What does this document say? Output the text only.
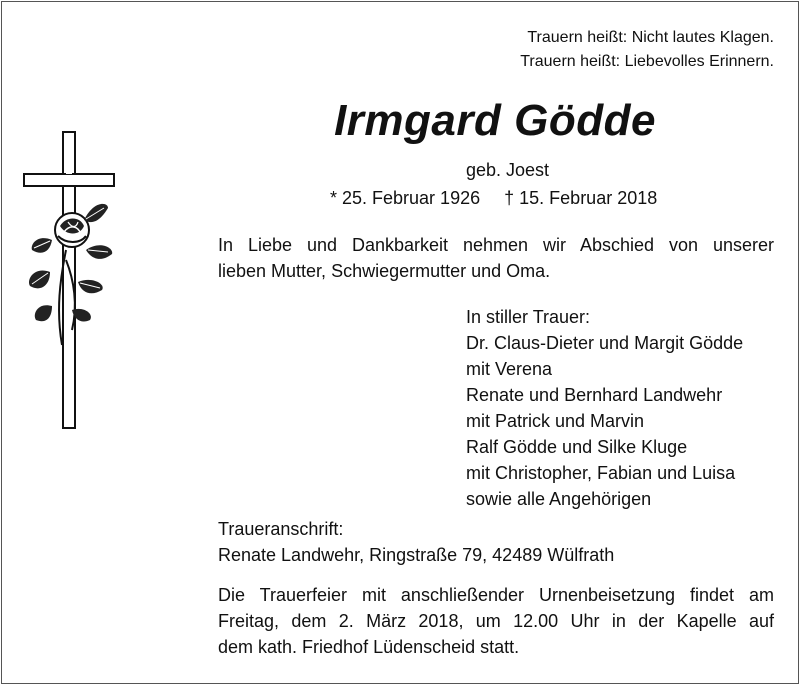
Trauern heißt: Nicht lautes Klagen.
Trauern heißt: Liebevolles Erinnern.
Irmgard Gödde
geb. Joest
* 25. Februar 1926 † 15. Februar 2018
In Liebe und Dankbarkeit nehmen wir Abschied von unserer
lieben Mutter, Schwiegermutter und Oma.
In stiller Trauer:
Dr. Claus-Dieter und Margit Gödde
mit Verena
Renate und Bernhard Landwehr
mit Patrick und Marvin
Ralf Gödde und Silke Kluge
mit Christopher, Fabian und Luisa
sowie alle Angehörigen
Traueranschrift:
Renate Landwehr, Ringstraße 79, 42489 Wülfrath
Die Trauerfeier mit anschließender Urnenbeisetzung findet am
Freitag, dem 2. März 2018, um 12.00 Uhr in der Kapelle auf
dem kath. Friedhof Lüdenscheid statt.
